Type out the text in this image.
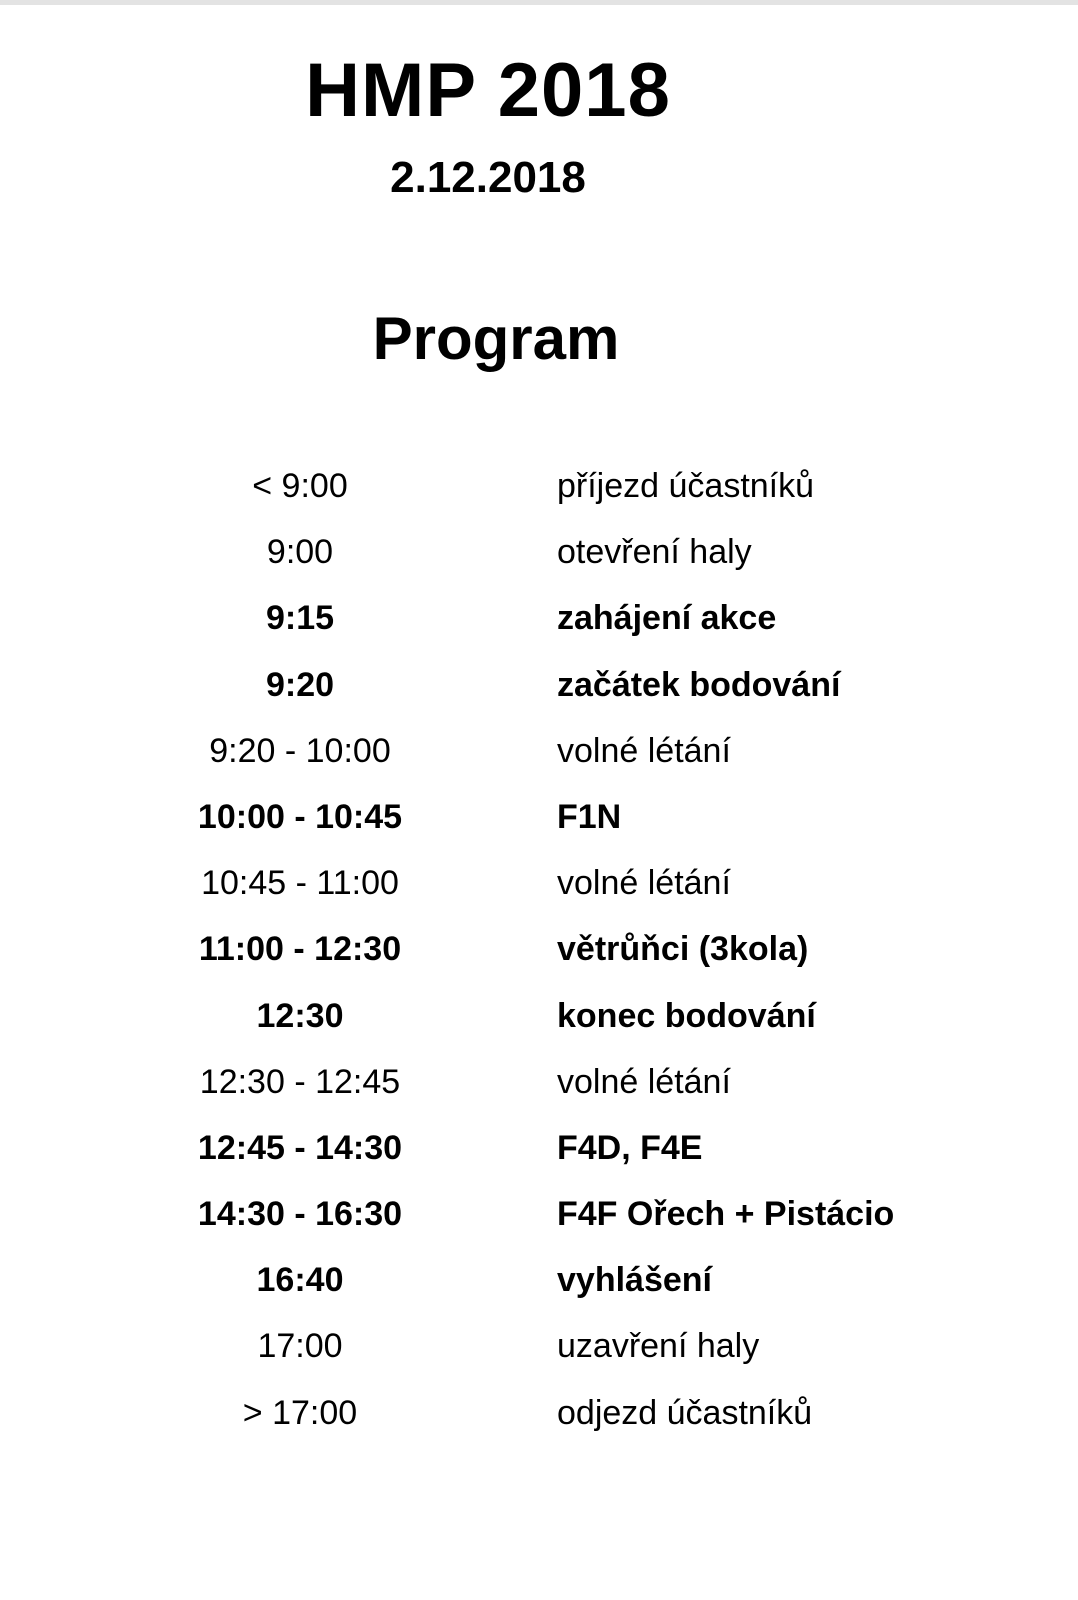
HMP 2018
2.12.2018
Program
< 9:00	příjezd účastníků
9:00	otevření haly
9:15	zahájení akce
9:20	začátek bodování
9:20 - 10:00	volné létání
10:00 - 10:45	F1N
10:45 - 11:00	volné létání
11:00 - 12:30	větrůňci (3kola)
12:30	konec bodování
12:30 - 12:45	volné létání
12:45 - 14:30	F4D, F4E
14:30 - 16:30	F4F Ořech + Pistácio
16:40	vyhlášení
17:00	uzavření haly
> 17:00	odjezd účastníků
